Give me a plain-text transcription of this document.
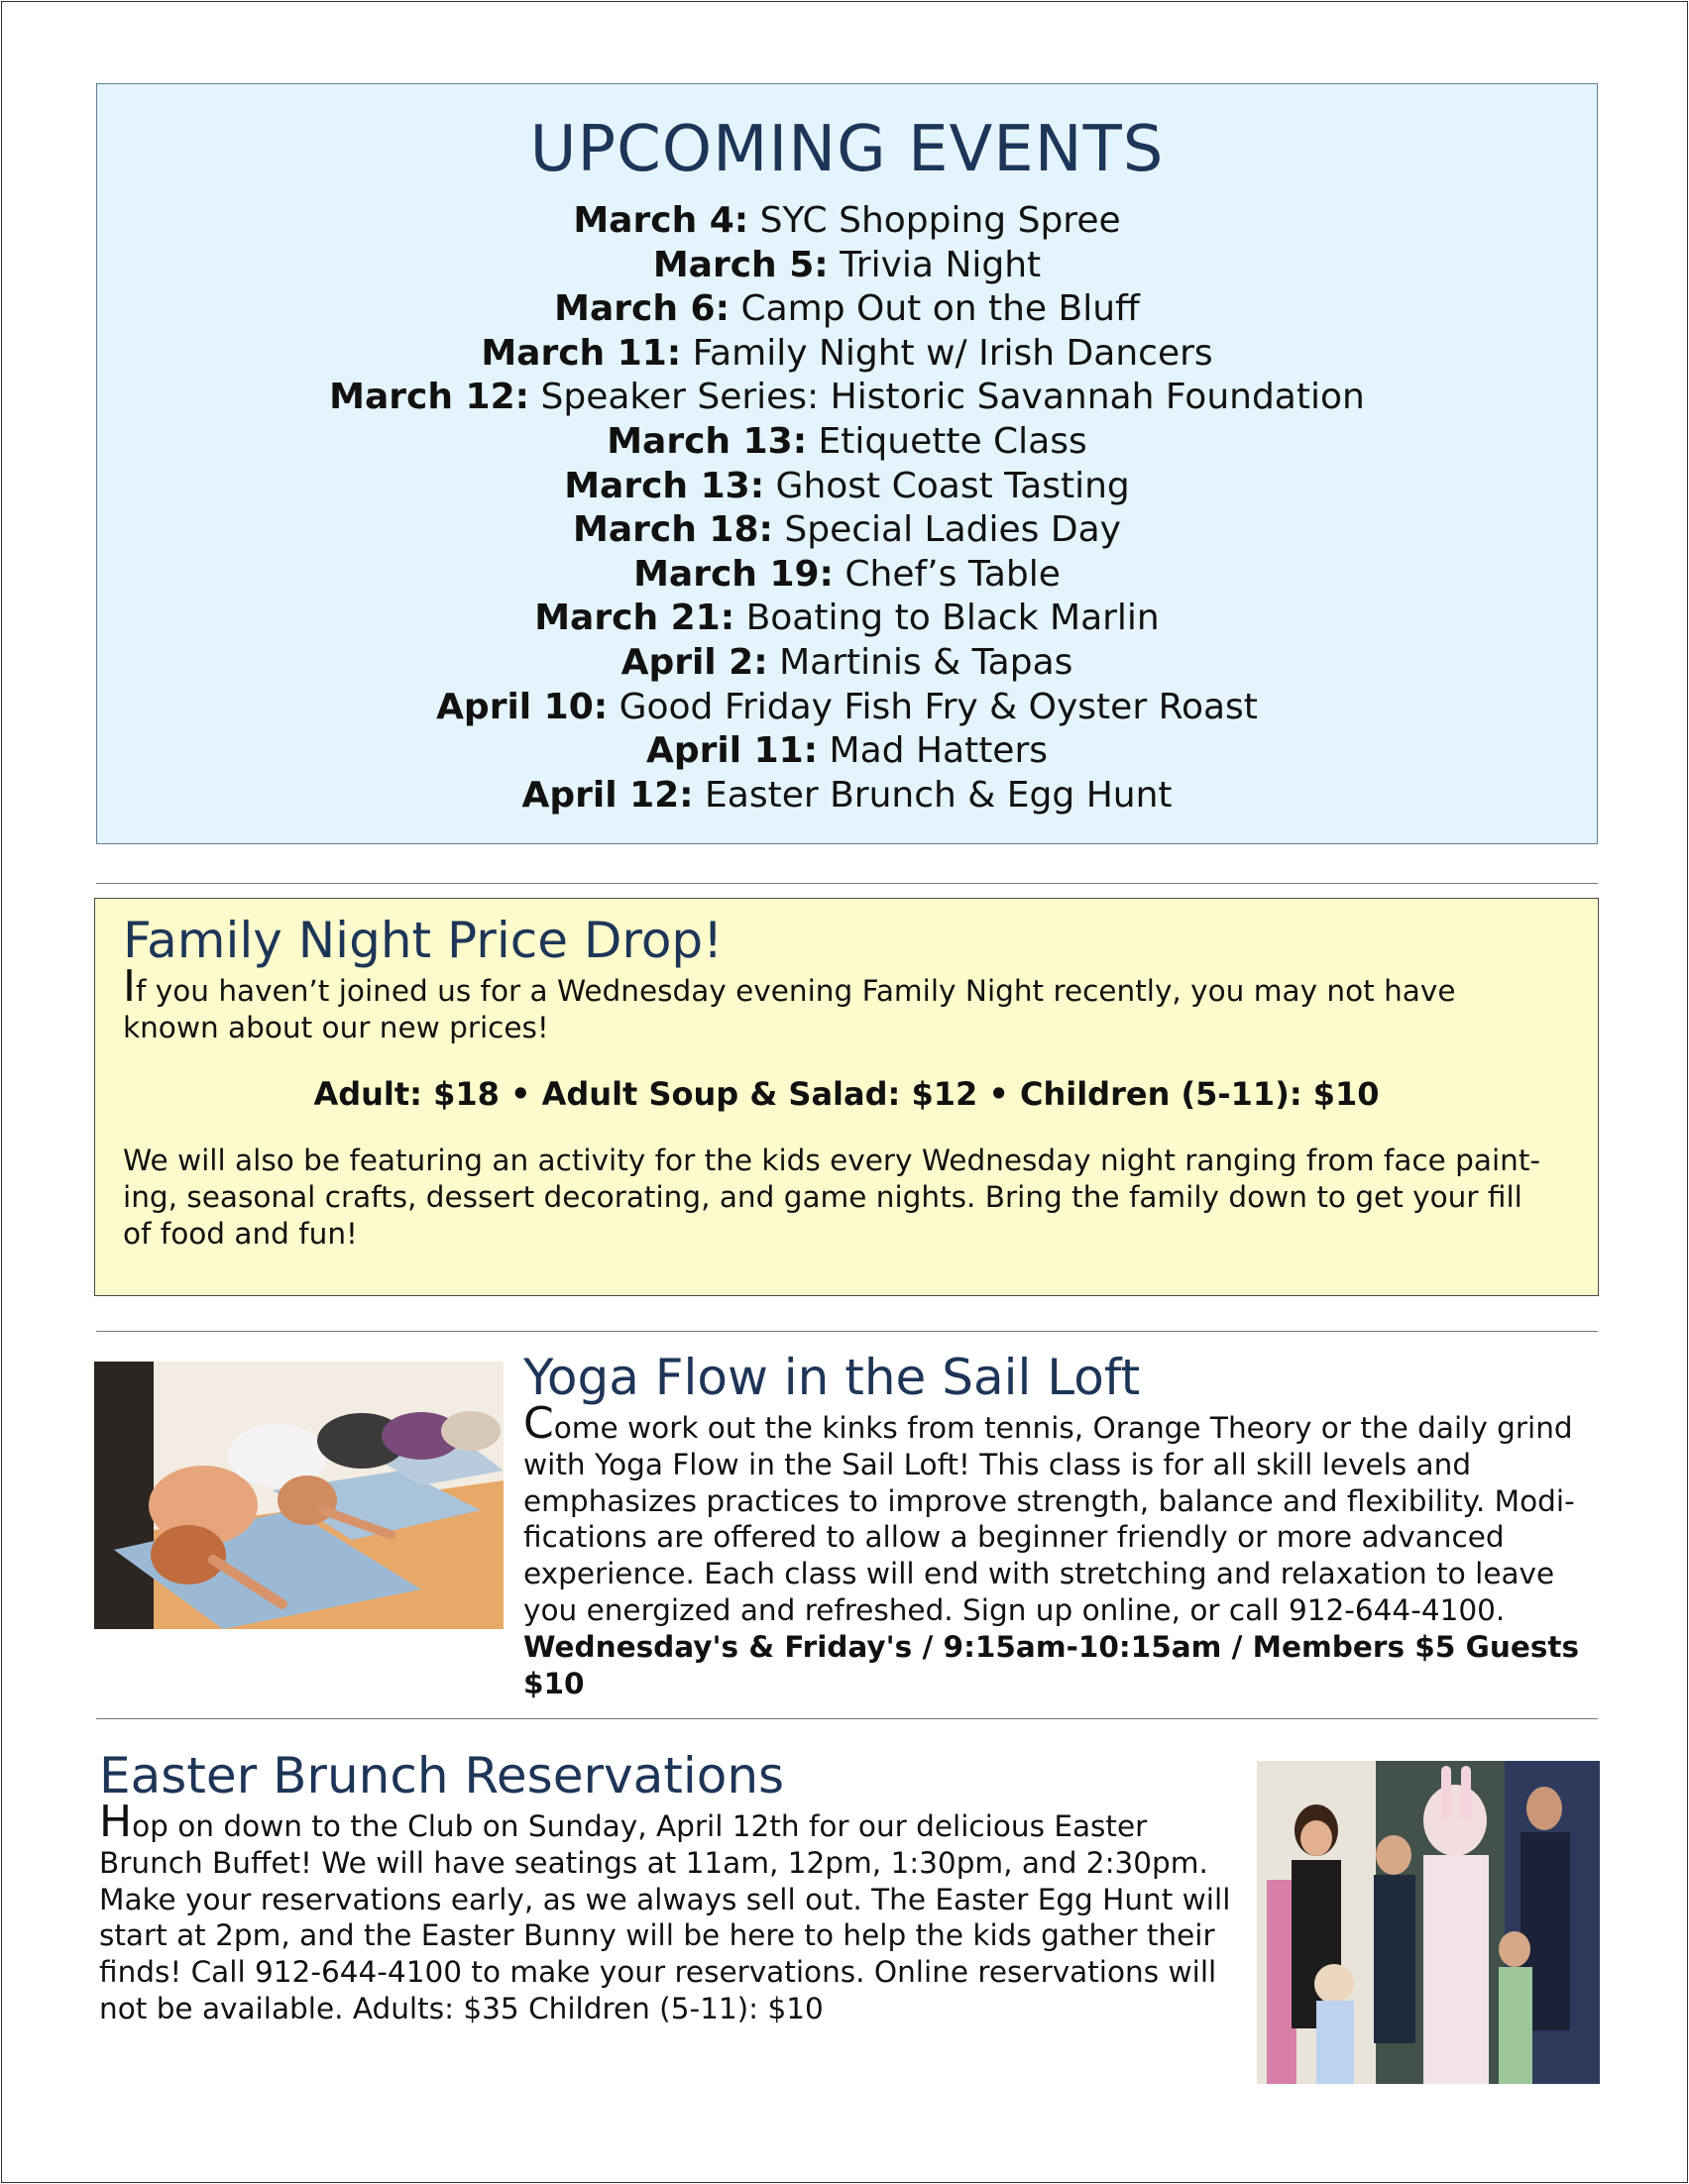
UPCOMING EVENTS
March 4: SYC Shopping Spree
March 5: Trivia Night
March 6: Camp Out on the Bluff
March 11: Family Night w/ Irish Dancers
March 12: Speaker Series: Historic Savannah Foundation
March 13: Etiquette Class
March 13: Ghost Coast Tasting
March 18: Special Ladies Day
March 19: Chef’s Table
March 21: Boating to Black Marlin
April 2: Martinis & Tapas
April 10: Good Friday Fish Fry & Oyster Roast
April 11: Mad Hatters
April 12: Easter Brunch & Egg Hunt
Family Night Price Drop!

If you haven’t joined us for a Wednesday evening Family Night recently, you may not have
known about our new prices!

Adult: $18 • Adult Soup & Salad: $12 • Children (5-11): $10

We will also be featuring an activity for the kids every Wednesday night ranging from face paint-
ing, seasonal crafts, dessert decorating, and game nights. Bring the family down to get your fill
of food and fun!

Yoga Flow in the Sail Loft

Come work out the kinks from tennis, Orange Theory or the daily grind
with Yoga Flow in the Sail Loft! This class is for all skill levels and
emphasizes practices to improve strength, balance and flexibility. Modi-
fications are offered to allow a beginner friendly or more advanced
experience. Each class will end with stretching and relaxation to leave
you energized and refreshed. Sign up online, or call 912-644-4100.
Wednesday's & Friday's / 9:15am-10:15am / Members $5 Guests $10

Easter Brunch Reservations

Hop on down to the Club on Sunday, April 12th for our delicious Easter
Brunch Buffet! We will have seatings at 11am, 12pm, 1:30pm, and 2:30pm.
Make your reservations early, as we always sell out. The Easter Egg Hunt will
start at 2pm, and the Easter Bunny will be here to help the kids gather their
finds! Call 912-644-4100 to make your reservations. Online reservations will
not be available. Adults: $35 Children (5-11): $10
